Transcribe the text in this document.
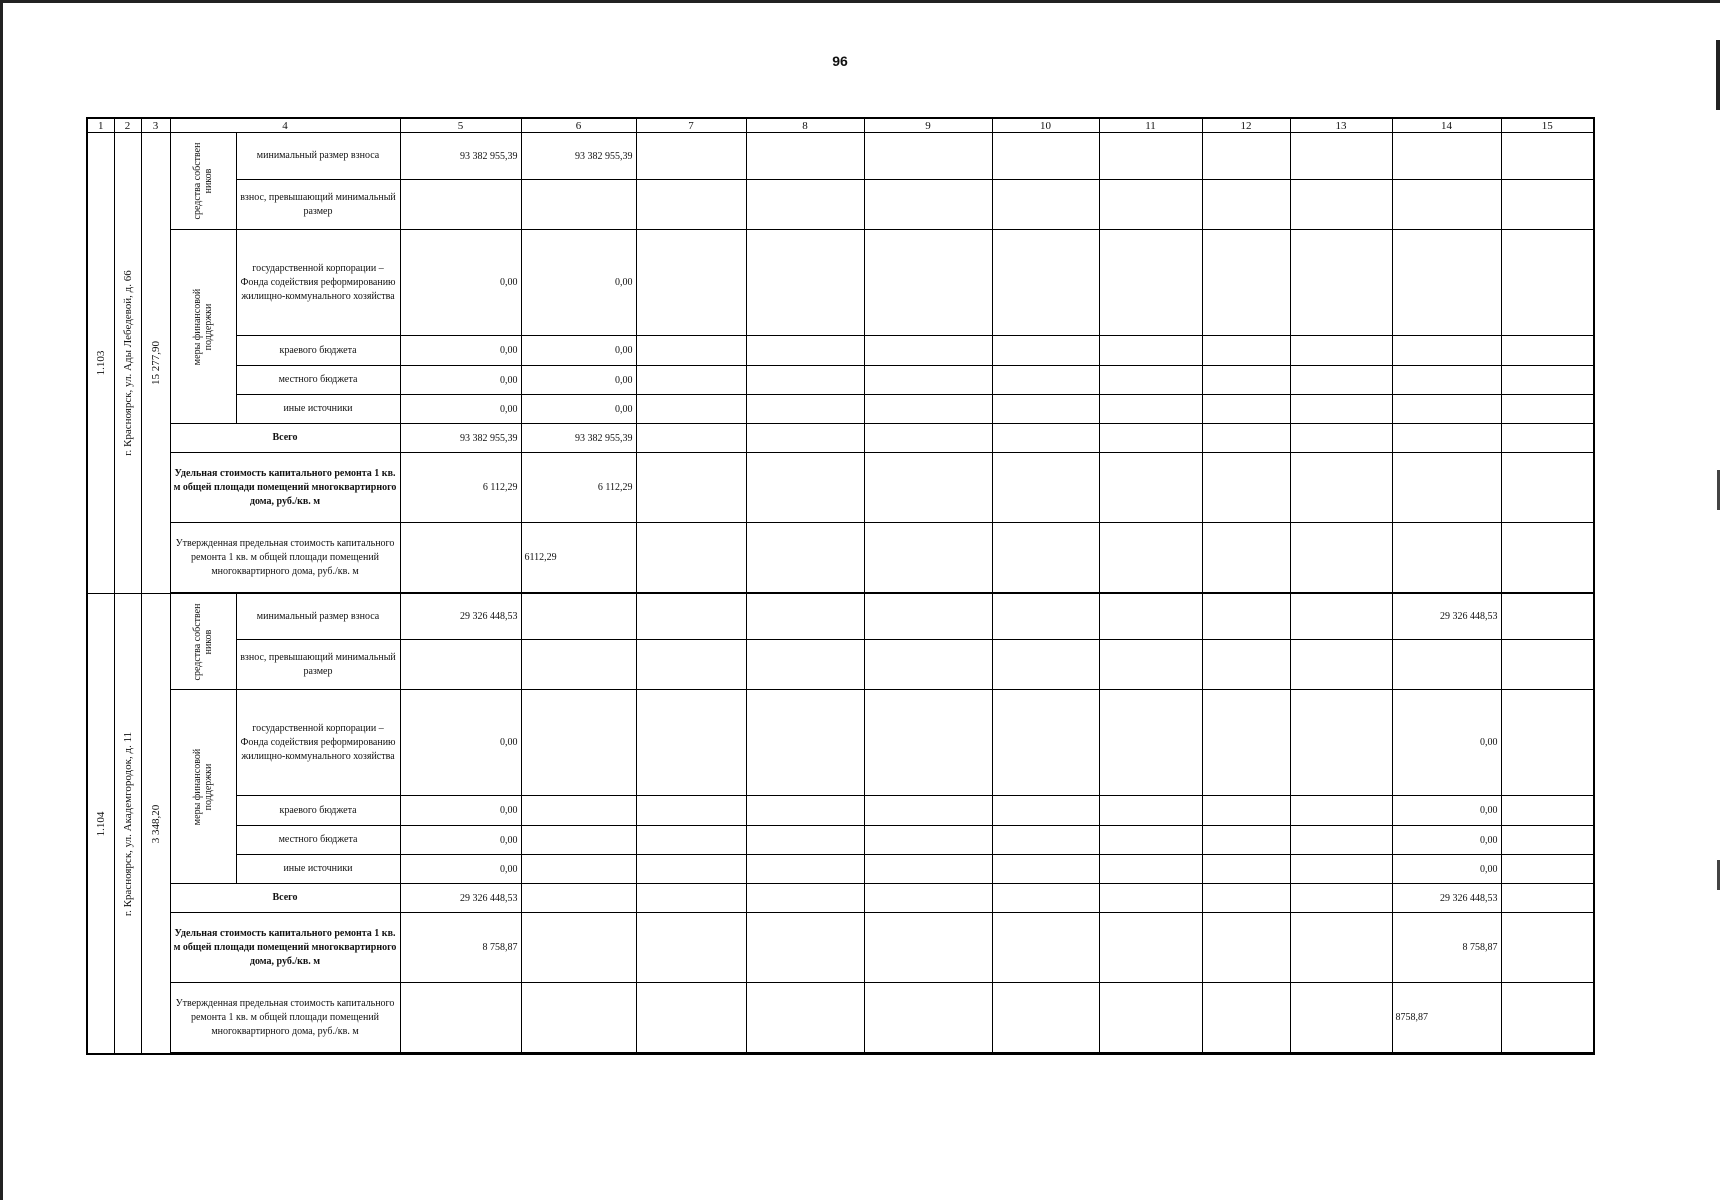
96
1	2	3	4		5	6	7	8	9	10	11	12	13	14	15

1.103	г. Красноярск, ул. Ады Лебедевой, д. 66	15 277,90	средства собствен ников	минимальный размер взноса	93 382 955,39	93 382 955,39									
				взнос, превышающий минимальный размер											

			меры финансовой поддержки	государственной корпорации – Фонда содействия реформированию жилищно-коммунального хозяйства	0,00	0,00									
				краевого бюджета	0,00	0,00									
				местного бюджета	0,00	0,00									
				иные источники	0,00	0,00									
			Всего		93 382 955,39	93 382 955,39									
			Удельная стоимость капитального ремонта 1 кв. м общей площади помещений многоквартирного дома, руб./кв. м		6 112,29	6 112,29									
			Утвержденная предельная стоимость капитального ремонта 1 кв. м общей площади помещений многоквартирного дома, руб./кв. м			6112,29									

1.104	г. Красноярск, ул. Академгородок, д. 11	3 348,20	средства собствен ников	минимальный размер взноса	29 326 448,53									29 326 448,53	
				взнос, превышающий минимальный размер											

			меры финансовой поддержки	государственной корпорации – Фонда содействия реформированию жилищно-коммунального хозяйства	0,00									0,00	
				краевого бюджета	0,00									0,00	
				местного бюджета	0,00									0,00	
				иные источники	0,00									0,00	
			Всего		29 326 448,53									29 326 448,53	
			Удельная стоимость капитального ремонта 1 кв. м общей площади помещений многоквартирного дома, руб./кв. м		8 758,87									8 758,87	
			Утвержденная предельная стоимость капитального ремонта 1 кв. м общей площади помещений многоквартирного дома, руб./кв. м											8758,87	
